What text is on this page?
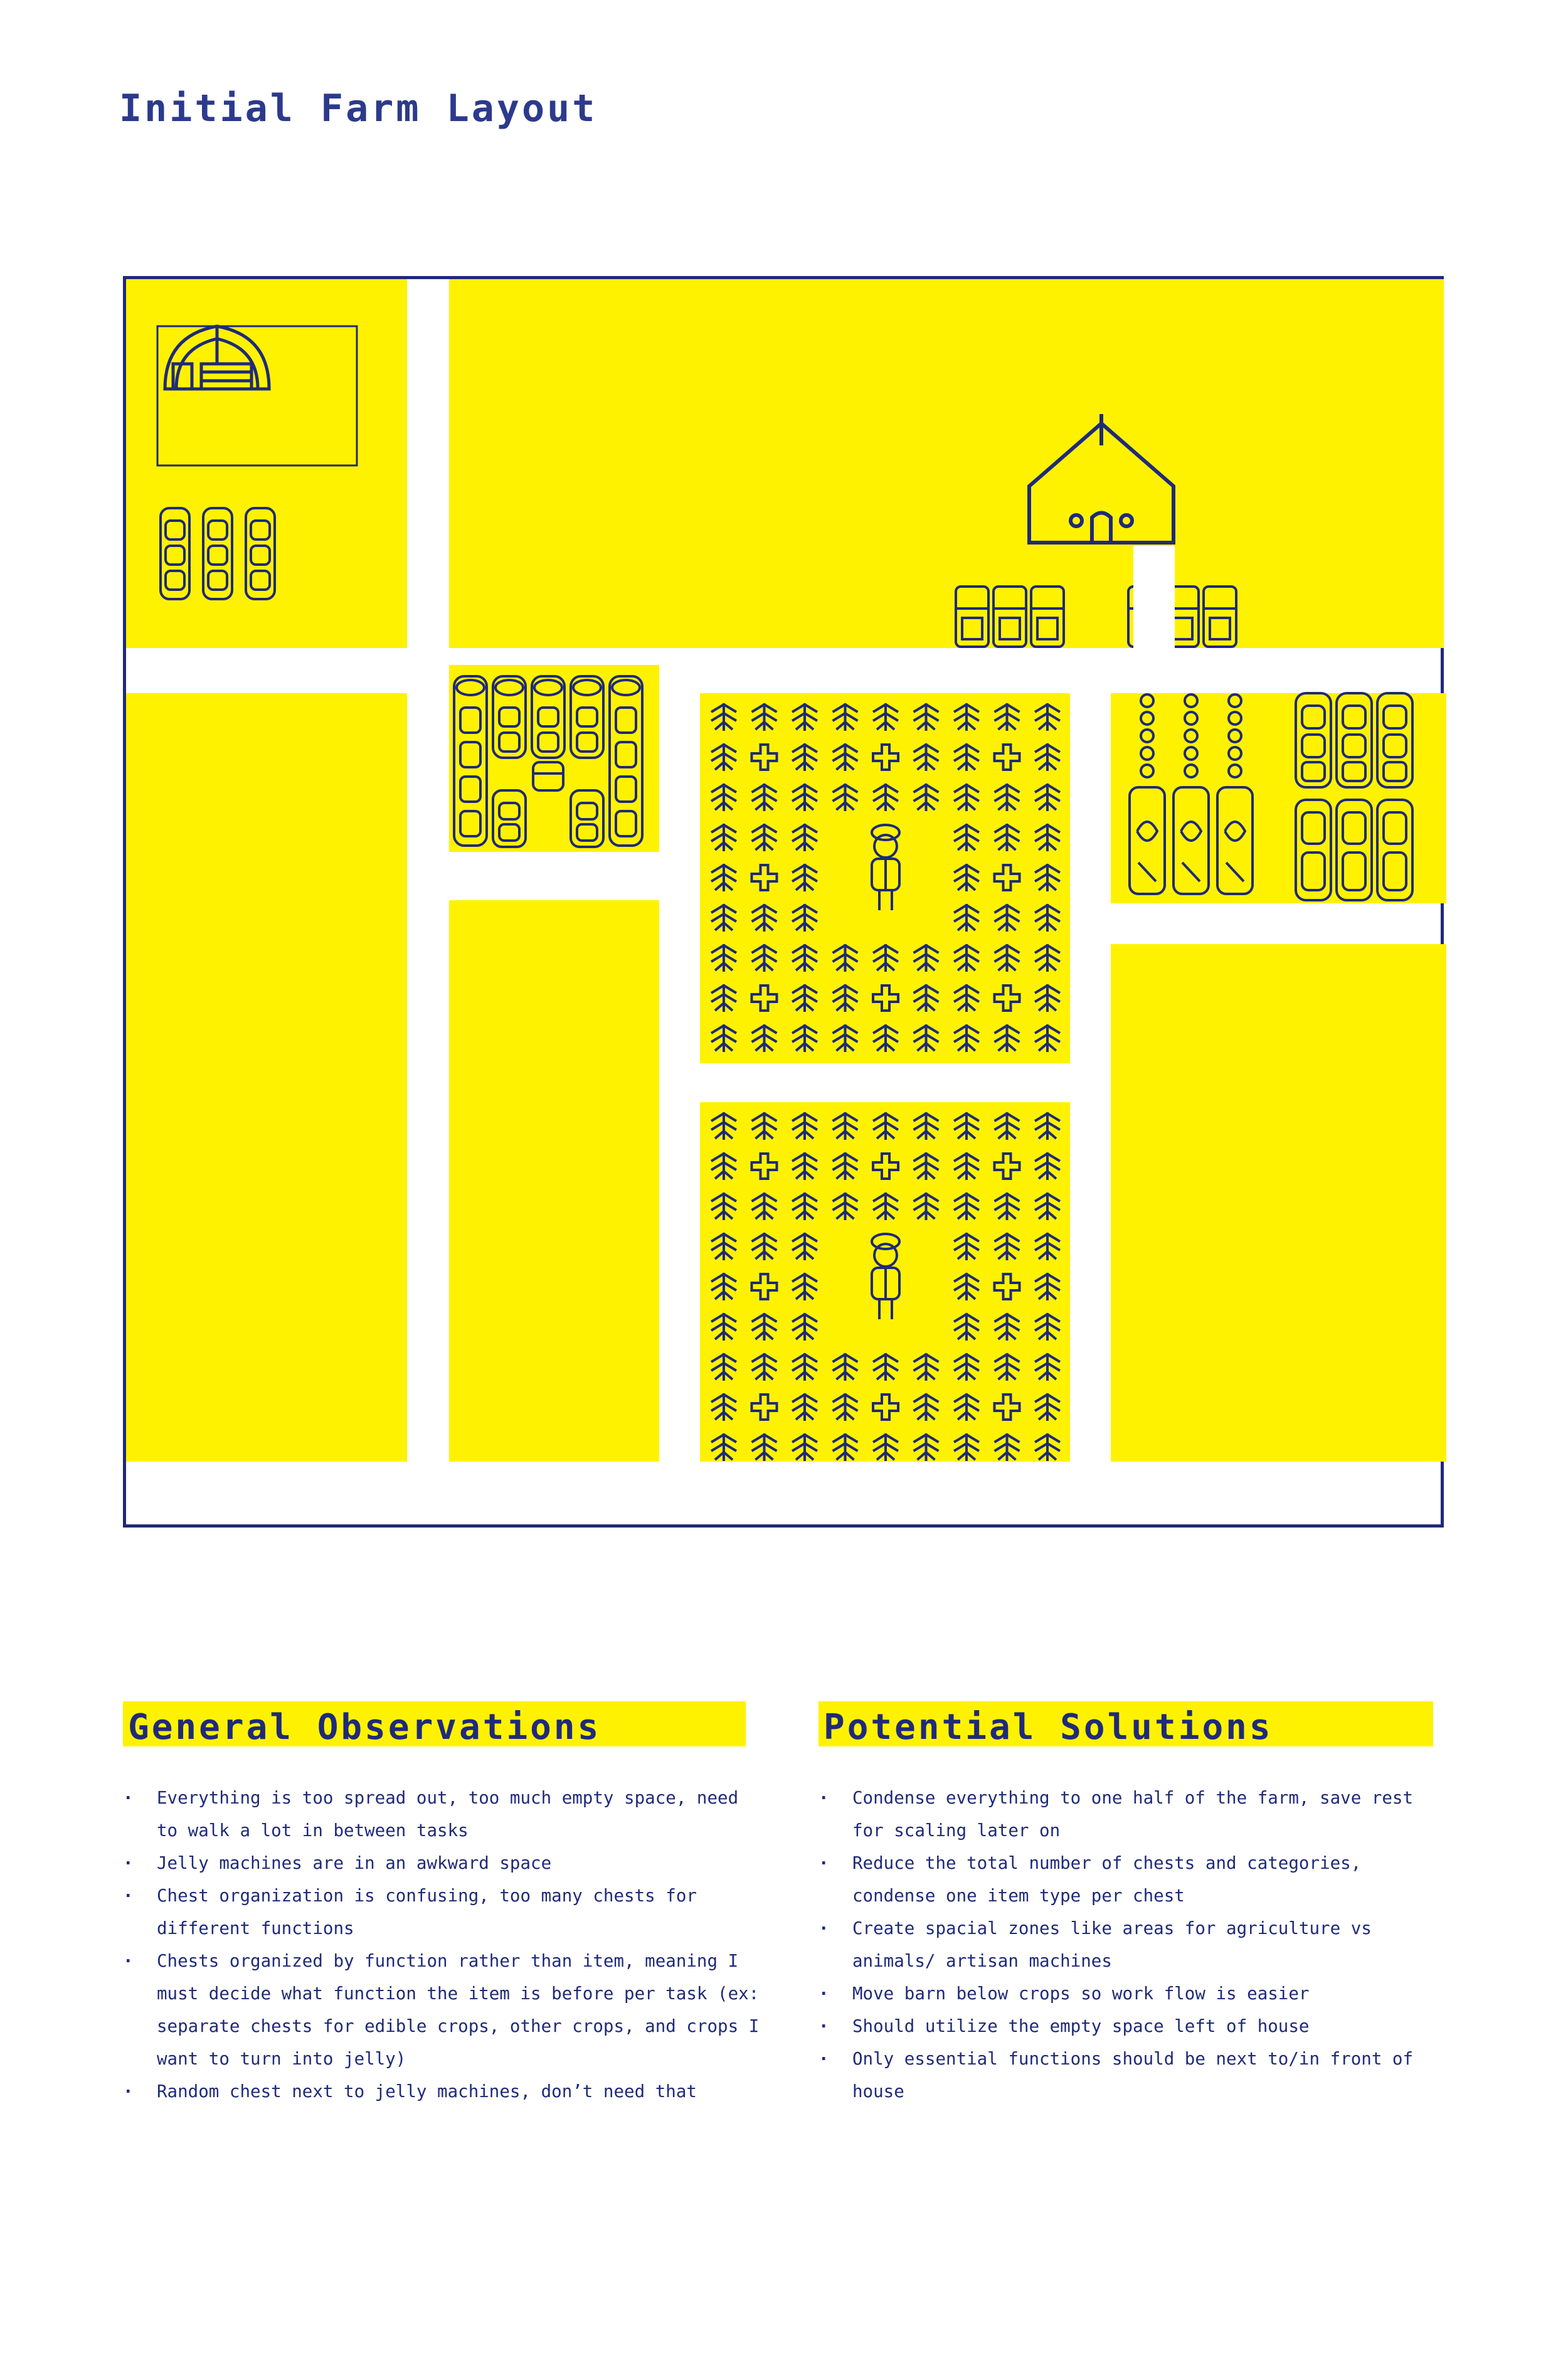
Initial Farm Layout
General Observations	Potential Solutions
· Everything is too spread out, too much empty space, need to walk a lot in between tasks
· Jelly machines are in an awkward space
· Chest organization is confusing, too many chests for different functions
· Chests organized by function rather than item, meaning I must decide what function the item is before per task (ex: separate chests for edible crops, other crops, and crops I want to turn into jelly)
· Random chest next to jelly machines, don’t need that
· Condense everything to one half of the farm, save rest for scaling later on
· Reduce the total number of chests and categories, condense one item type per chest
· Create spacial zones like areas for agriculture vs animals/ artisan machines
· Move barn below crops so work flow is easier
· Should utilize the empty space left of house
· Only essential functions should be next to/in front of house
